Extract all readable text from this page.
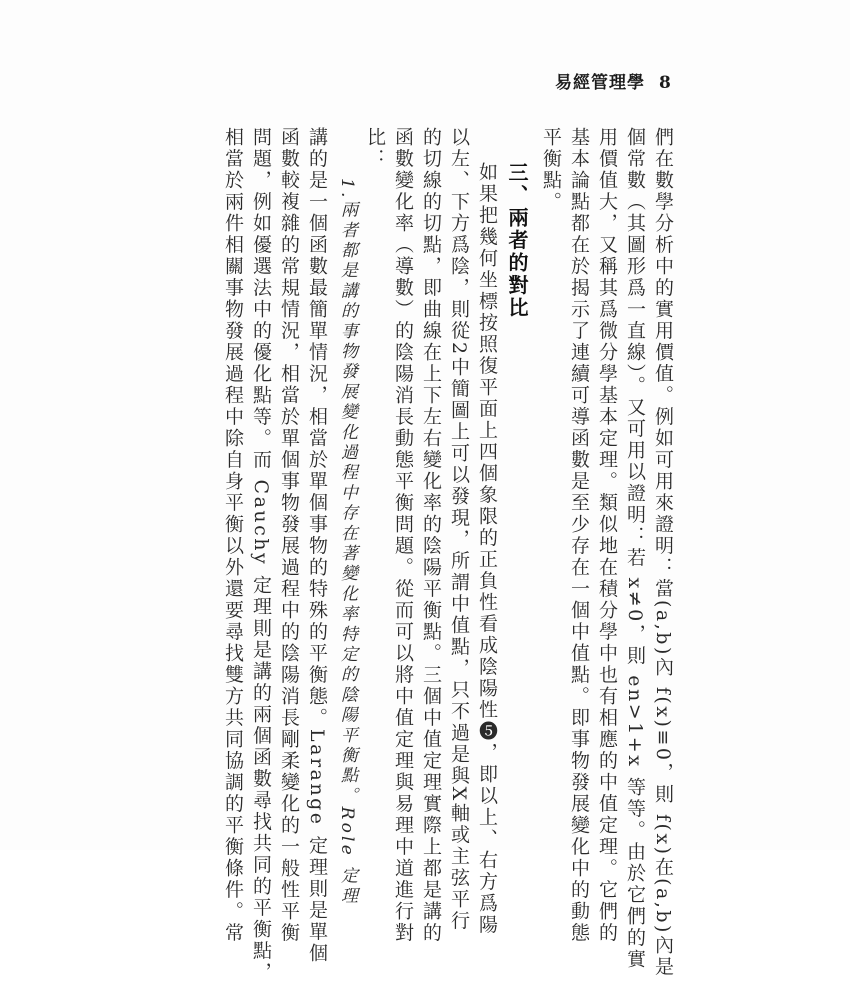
易經管理學 8
們在數學分析中的實用價值。例如可用來證明：當(a,b)內 f(x)≡0，則 f(x)在(a,b)內是
個常數（其圖形爲一直線）。又可用以證明：若 x≠0，則 en>1+x 等等。由於它們的實
用價值大，又稱其爲微分學基本定理。類似地在積分學中也有相應的中值定理。它們的
基本論點都在於揭示了連續可導函數是至少存在一個中值點。即事物發展變化中的動態
平衡點。
三、兩者的對比
如果把幾何坐標按照復平面上四個象限的正負性看成陰陽性❺，即以上、右方爲陽
以左、下方爲陰，則從2中簡圖上可以發現，所謂中值點，只不過是與X軸或主弦平行
的切線的切點，即曲線在上下左右變化率的陰陽平衡點。三個中值定理實際上都是講的
函數變化率（導數）的陰陽消長動態平衡問題。從而可以將中值定理與易理中道進行對
比：
1.兩者都是講的事物發展變化過程中存在著變化率特定的陰陽平衡點。Role 定理
講的是一個函數最簡單情況，相當於單個事物的特殊的平衡態。Larange 定理則是單個
函數較複雜的常規情況，相當於單個事物發展過程中的陰陽消長剛柔變化的一般性平衡
問題，例如優選法中的優化點等。而 Cauchy 定理則是講的兩個函數尋找共同的平衡點，
相當於兩件相關事物發展過程中除自身平衡以外還要尋找雙方共同協調的平衡條件。常
